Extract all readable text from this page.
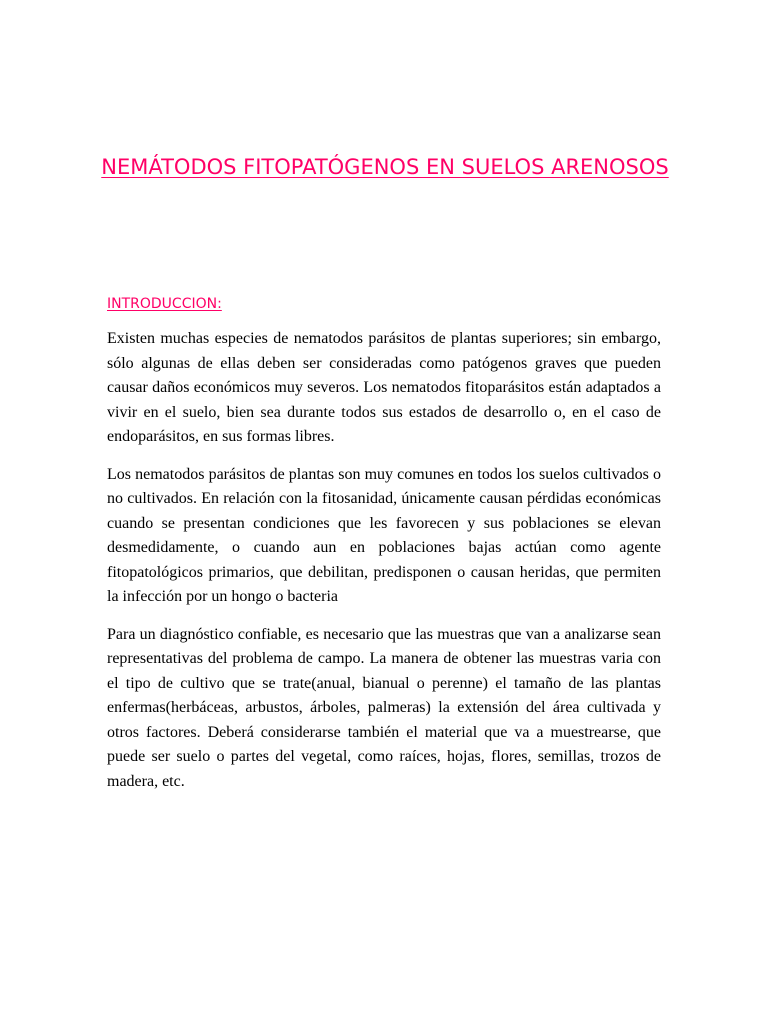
NEMÁTODOS FITOPATÓGENOS EN SUELOS ARENOSOS
INTRODUCCION:

Existen muchas especies de nematodos parásitos de plantas superiores; sin embargo, sólo algunas de ellas deben ser consideradas como patógenos graves que pueden causar daños económicos muy severos. Los nematodos fitoparásitos están adaptados a vivir en el suelo, bien sea durante todos sus estados de desarrollo o, en el caso de endoparásitos, en sus formas libres.

Los nematodos parásitos de plantas son muy comunes en todos los suelos cultivados o no cultivados. En relación con la fitosanidad, únicamente causan pérdidas económicas cuando se presentan condiciones que les favorecen y sus poblaciones se elevan desmedidamente, o cuando aun en poblaciones bajas actúan como agente fitopatológicos primarios, que debilitan, predisponen o causan heridas, que permiten la infección por un hongo o bacteria

Para un diagnóstico confiable, es necesario que las muestras que van a analizarse sean representativas del problema de campo. La manera de obtener las muestras varia con el tipo de cultivo que se trate(anual, bianual o perenne) el tamaño de las plantas enfermas(herbáceas, arbustos, árboles, palmeras) la extensión del área cultivada y otros factores. Deberá considerarse también el material que va a muestrearse, que puede ser suelo o partes del vegetal, como raíces, hojas, flores, semillas, trozos de madera, etc.
